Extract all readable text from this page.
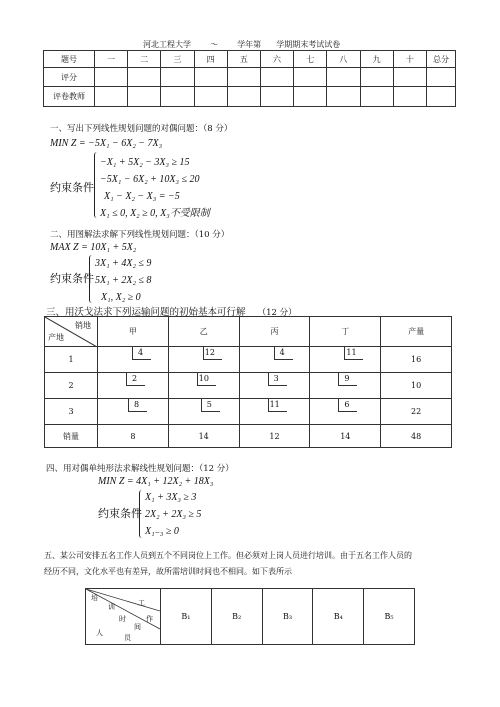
河北工程大学 ～ 学年第 学期期末考试试卷
题号	一	二	三	四	五	六	七	八	九	十	总分
评分											
评卷教师											
一、写出下列线性规划问题的对偶问题：（8 分）
MIN Z = −5X₁ − 6X₂ − 7X₃
约束条件
−X₁ + 5X₂ − 3X₃ ≥ 15
−5X₁ − 6X₂ + 10X₃ ≤ 20
X₁ − X₂ − X₃ = −5
X₁ ≤ 0, X₂ ≥ 0, X₃不受限制
二、用图解法求解下列线性规划问题：（10 分）
MAX Z = 10X₁ + 5X₂
约束条件
3X₁ + 4X₂ ≤ 9
5X₁ + 2X₂ ≤ 8
X₁, X₂ ≥ 0
三、用沃戈法求下列运输问题的初始基本可行解 （12 分）
销地
产地	甲	乙	丙	丁	产量
1	4	12	4	11	16
2	2	10	3	9	10
3	8	5	11	6	22
销量	8	14	12	14	48
四、用对偶单纯形法求解线性规划问题：（12 分）
MIN Z = 4X₁ + 12X₂ + 18X₃
约束条件
X₁ + 3X₃ ≥ 3
2X₂ + 2X₃ ≥ 5
X₁₋₃ ≥ 0
五、某公司安排五名工作人员到五个不同岗位上工作。但必须对上岗人员进行培训。由于五名工作人员的
经历不同，文化水平也有差异，故所需培训时间也不相同。如下表所示
培
训
时
间
人
员
工
作	B₁	B₂	B₃	B₄	B₅
